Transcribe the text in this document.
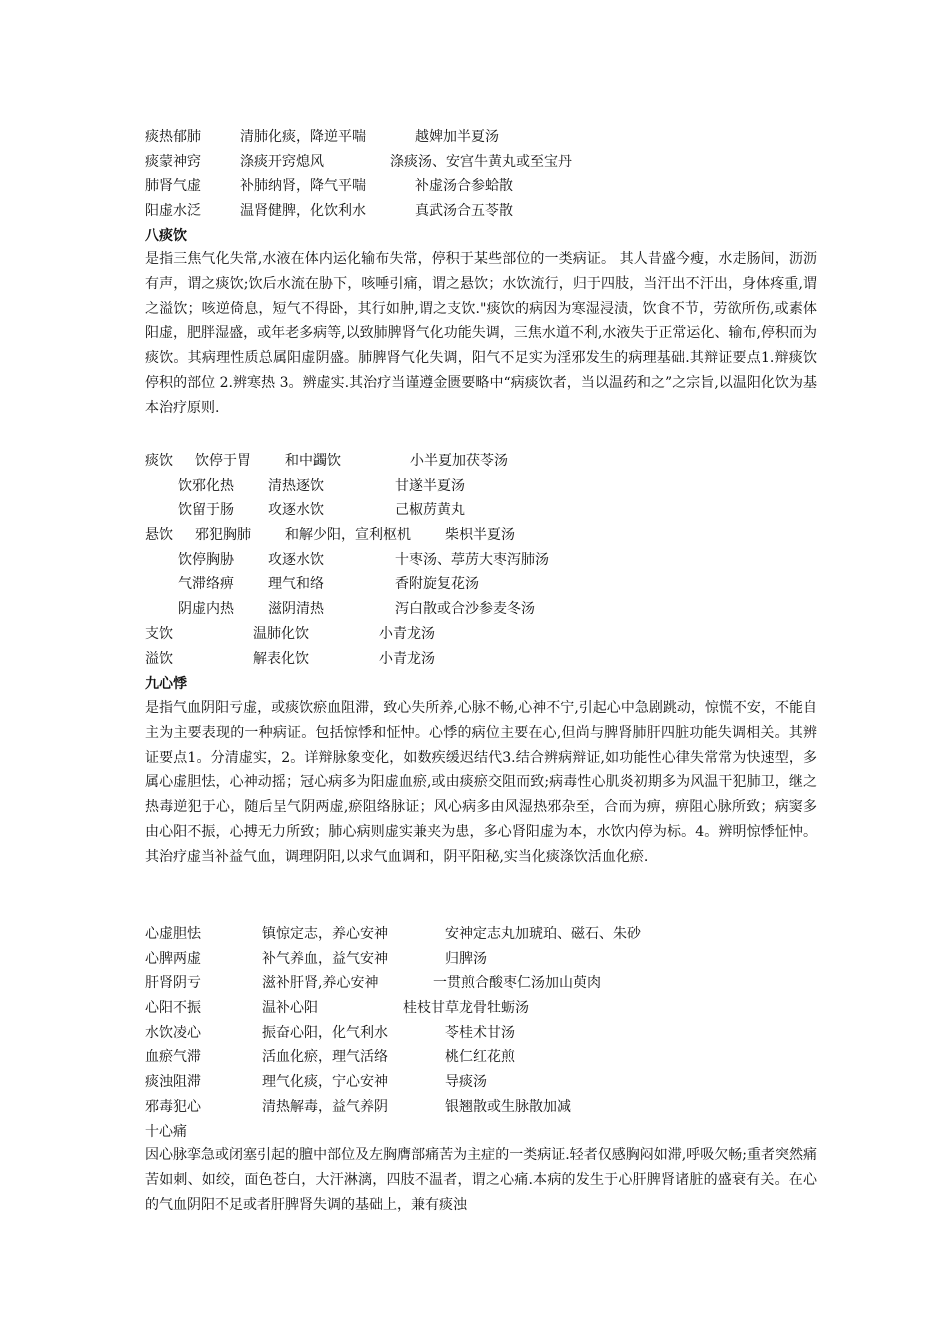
痰热郁肺	清肺化痰，降逆平喘	越婢加半夏汤
痰蒙神窍	涤痰开窍熄风	涤痰汤、安宫牛黄丸或至宝丹
肺肾气虚	补肺纳肾，降气平喘	补虚汤合参蛤散
阳虚水泛	温肾健脾，化饮利水	真武汤合五苓散
八痰饮
是指三焦气化失常,水液在体内运化输布失常，停积于某些部位的一类病证。 其人昔盛今瘦，水走肠间，沥沥有声，谓之痰饮;饮后水流在胁下，咳唾引痛，谓之悬饮；水饮流行，归于四肢，当汗出不汗出，身体疼重,谓之溢饮；咳逆倚息，短气不得卧，其行如肿,谓之支饮."痰饮的病因为寒湿浸渍，饮食不节，劳欲所伤,或素体阳虚，肥胖湿盛，或年老多病等,以致肺脾肾气化功能失调，三焦水道不利,水液失于正常运化、输布,停积而为痰饮。其病理性质总属阳虚阴盛。肺脾肾气化失调，阳气不足实为淫邪发生的病理基础.其辩证要点1.辩痰饮停积的部位 2.辨寒热 3。辨虚实.其治疗当谨遵金匮要略中“病痰饮者，当以温药和之”之宗旨,以温阳化饮为基本治疗原则.
痰饮 饮停于胃 和中蠲饮	小半夏加茯苓汤
饮邪化热 清热逐饮	甘遂半夏汤
饮留于肠 攻逐水饮	己椒苈黄丸
悬饮 邪犯胸肺 和解少阳，宣利枢机 柴枳半夏汤
饮停胸胁 攻逐水饮	十枣汤、葶苈大枣泻肺汤
气滞络痹 理气和络	香附旋复花汤
阴虚内热 滋阴清热	泻白散或合沙参麦冬汤
支饮	温肺化饮	小青龙汤
溢饮	解表化饮	小青龙汤
九心悸
是指气血阴阳亏虚，或痰饮瘀血阻滞，致心失所养,心脉不畅,心神不宁,引起心中急剧跳动，惊慌不安，不能自主为主要表现的一种病证。包括惊悸和怔忡。心悸的病位主要在心,但尚与脾肾肺肝四脏功能失调相关。其辨证要点1。分清虚实，2。详辩脉象变化，如数疾缓迟结代3.结合辨病辩证,如功能性心律失常常为快速型，多属心虚胆怯，心神动摇；冠心病多为阳虚血瘀,或由痰瘀交阻而致;病毒性心肌炎初期多为风温干犯肺卫，继之热毒逆犯于心，随后呈气阴两虚,瘀阻络脉证；风心病多由风湿热邪杂至，合而为痹，痹阻心脉所致；病窦多由心阳不振，心搏无力所致；肺心病则虚实兼夹为患，多心肾阳虚为本，水饮内停为标。4。辨明惊悸怔忡。其治疗虚当补益气血，调理阴阳,以求气血调和，阴平阳秘,实当化痰涤饮活血化瘀.
心虚胆怯	镇惊定志，养心安神	安神定志丸加琥珀、磁石、朱砂
心脾两虚	补气养血，益气安神	归脾汤
肝肾阴亏	滋补肝肾,养心安神	一贯煎合酸枣仁汤加山萸肉
心阳不振	温补心阳	桂枝甘草龙骨牡蛎汤
水饮凌心	振奋心阳，化气利水	苓桂术甘汤
血瘀气滞	活血化瘀，理气活络	桃仁红花煎
痰浊阻滞	理气化痰，宁心安神	导痰汤
邪毒犯心	清热解毒，益气养阴	银翘散或生脉散加减
十心痛
因心脉挛急或闭塞引起的膻中部位及左胸膺部痛苦为主症的一类病证.轻者仅感胸闷如滞,呼吸欠畅;重者突然痛苦如刺、如绞，面色苍白，大汗淋漓，四肢不温者，谓之心痛.本病的发生于心肝脾肾诸脏的盛衰有关。在心的气血阴阳不足或者肝脾肾失调的基础上，兼有痰浊
